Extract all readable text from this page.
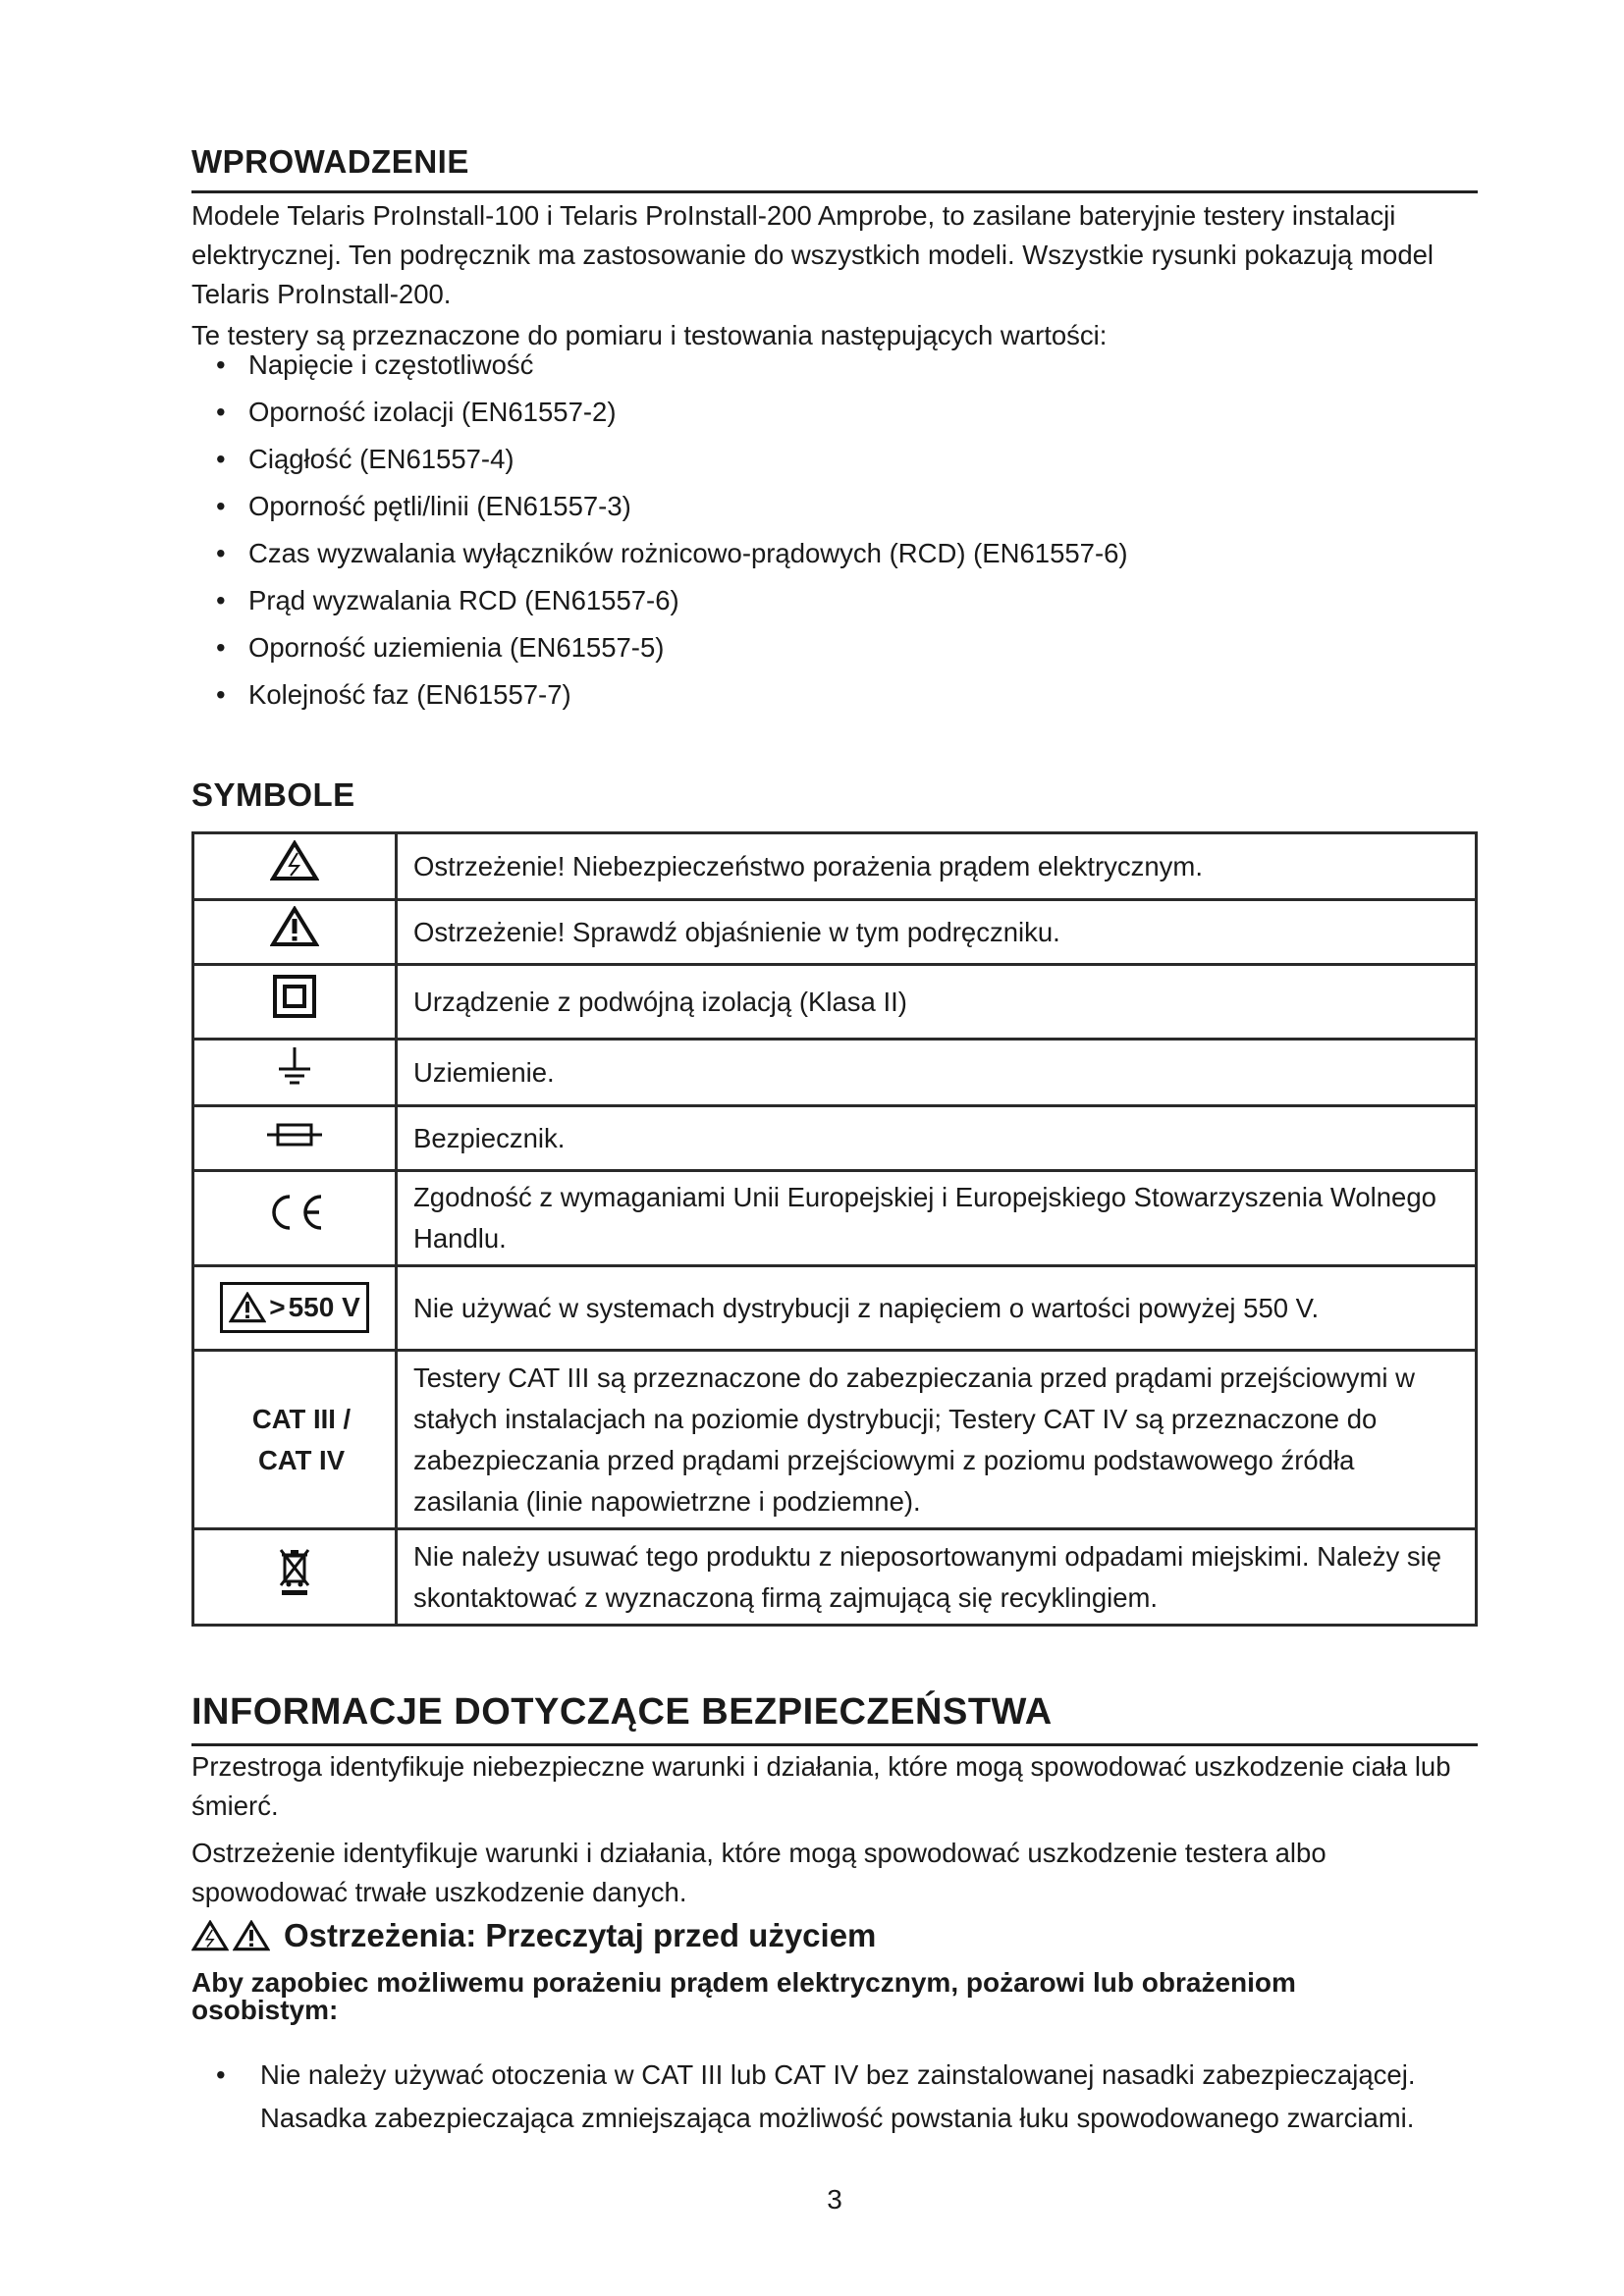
WPROWADZENIE

Modele Telaris ProInstall-100 i Telaris ProInstall-200 Amprobe, to zasilane bateryjnie testery instalacji elektrycznej. Ten podręcznik ma zastosowanie do wszystkich modeli. Wszystkie rysunki pokazują model Telaris ProInstall-200.

Te testery są przeznaczone do pomiaru i testowania następujących wartości:

• Napięcie i częstotliwość
• Oporność izolacji (EN61557-2)
• Ciągłość (EN61557-4)
• Oporność pętli/linii (EN61557-3)
• Czas wyzwalania wyłączników rożnicowo-prądowych (RCD) (EN61557-6)
• Prąd wyzwalania RCD (EN61557-6)
• Oporność uziemienia (EN61557-5)
• Kolejność faz (EN61557-7)
SYMBOLE
	Ostrzeżenie! Niebezpieczeństwo porażenia prądem elektrycznym.
	Ostrzeżenie! Sprawdź objaśnienie w tym podręczniku.
	Urządzenie z podwójną izolacją (Klasa II)
	Uziemienie.
	Bezpiecznik.
	Zgodność z wymaganiami Unii Europejskiej i Europejskiego Stowarzyszenia Wolnego Handlu.

> 550 V	Nie używać w systemach dystrybucji z napięciem o wartości powyżej 550 V.

CAT III /
CAT IV	Testery CAT III są przeznaczone do zabezpieczania przed prądami przejściowymi w stałych instalacjach na poziomie dystrybucji; Testery CAT IV są przeznaczone do zabezpieczania przed prądami przejściowymi z poziomu podstawowego źródła zasilania (linie napowietrzne i podziemne).
	Nie należy usuwać tego produktu z nieposortowanymi odpadami miejskimi. Należy się skontaktować z wyznaczoną firmą zajmującą się recyklingiem.
INFORMACJE DOTYCZĄCE BEZPIECZEŃSTWA

Przestroga identyfikuje niebezpieczne warunki i działania, które mogą spowodować uszkodzenie ciała lub śmierć.

Ostrzeżenie identyfikuje warunki i działania, które mogą spowodować uszkodzenie testera albo spowodować trwałe uszkodzenie danych.

Ostrzeżenia: Przeczytaj przed użyciem
Aby zapobiec możliwemu porażeniu prądem elektrycznym, pożarowi lub obrażeniom
osobistym:
• Nie należy używać otoczenia w CAT III lub CAT IV bez zainstalowanej nasadki zabezpieczającej. Nasadka zabezpieczająca zmniejszająca możliwość powstania łuku spowodowanego zwarciami.
3
